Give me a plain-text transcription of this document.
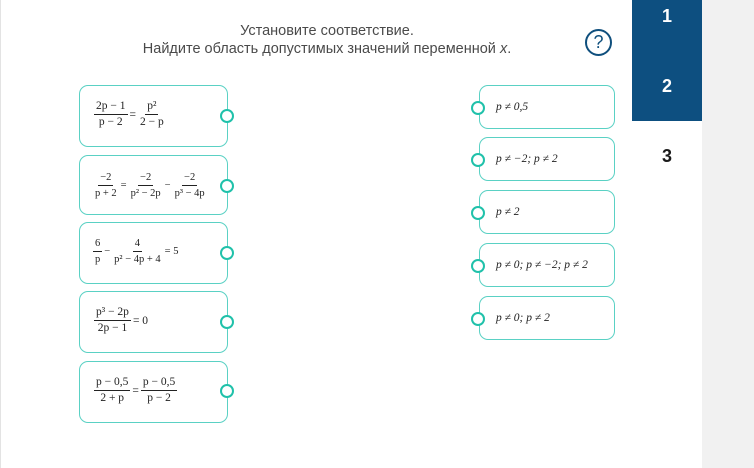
Установите соответствие.
Найдите область допустимых значений переменной x.	?
$\frac{2p - 1}{p - 2} = \frac{\text{p²}}{2 - p}$
$\frac{-2}{p + 2} = \frac{-2}{\text{p² − 2p}} - \frac{-2}{\text{p³ − 4p}}$
$\frac{6}{p} - \frac{4}{\text{p² − 4p + 4}} = 5$
$\frac{\text{p³ − 2p}}{2p - 1} = 0$
$\frac{p - 0,5}{2 + p} = \frac{p - 0,5}{p - 2}$
p ≠ 0,5
p ≠ −2; p ≠ 2
p ≠ 2
p ≠ 0; p ≠ −2; p ≠ 2
p ≠ 0; p ≠ 2
1
2
3
